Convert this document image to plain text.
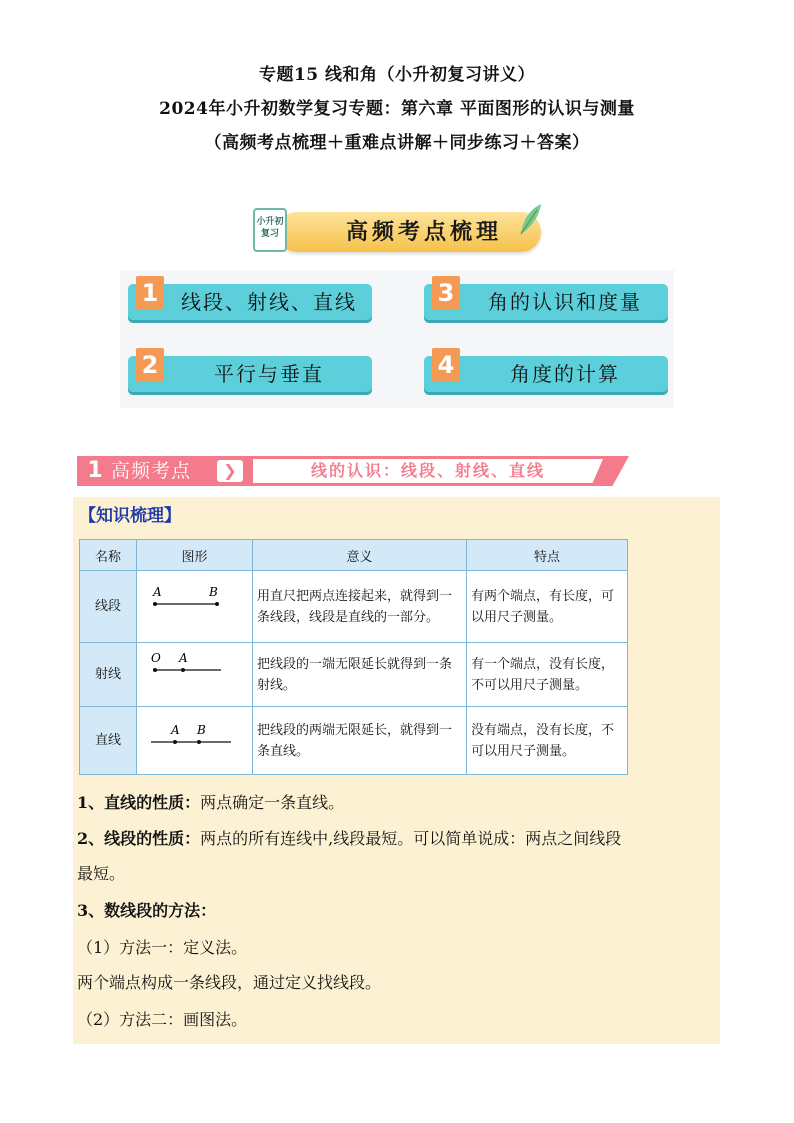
专题15 线和角（小升初复习讲义）
2024年小升初数学复习专题：第六章 平面图形的认识与测量
（高频考点梳理＋重难点讲解＋同步练习＋答案）
高频考点梳理
小升初
复习
1	线段、射线、直线
2	平行与垂直
3	角的认识和度量
4	角度的计算
1 高频考点	❯	线的认识：线段、射线、直线
【知识梳理】
名称	图形	意义	特点
线段	A B	用直尺把两点连接起来，就得到一条线段，线段是直线的一部分。	有两个端点，有长度，可以用尺子测量。
射线	O A	把线段的一端无限延长就得到一条射线。	有一个端点，没有长度，不可以用尺子测量。
直线	A B	把线段的两端无限延长，就得到一条直线。	没有端点，没有长度，不可以用尺子测量。
1、直线的性质：两点确定一条直线。
2、线段的性质：两点的所有连线中,线段最短。可以简单说成：两点之间线段
最短。
3、数线段的方法：
（1）方法一：定义法。
两个端点构成一条线段，通过定义找线段。
（2）方法二：画图法。
